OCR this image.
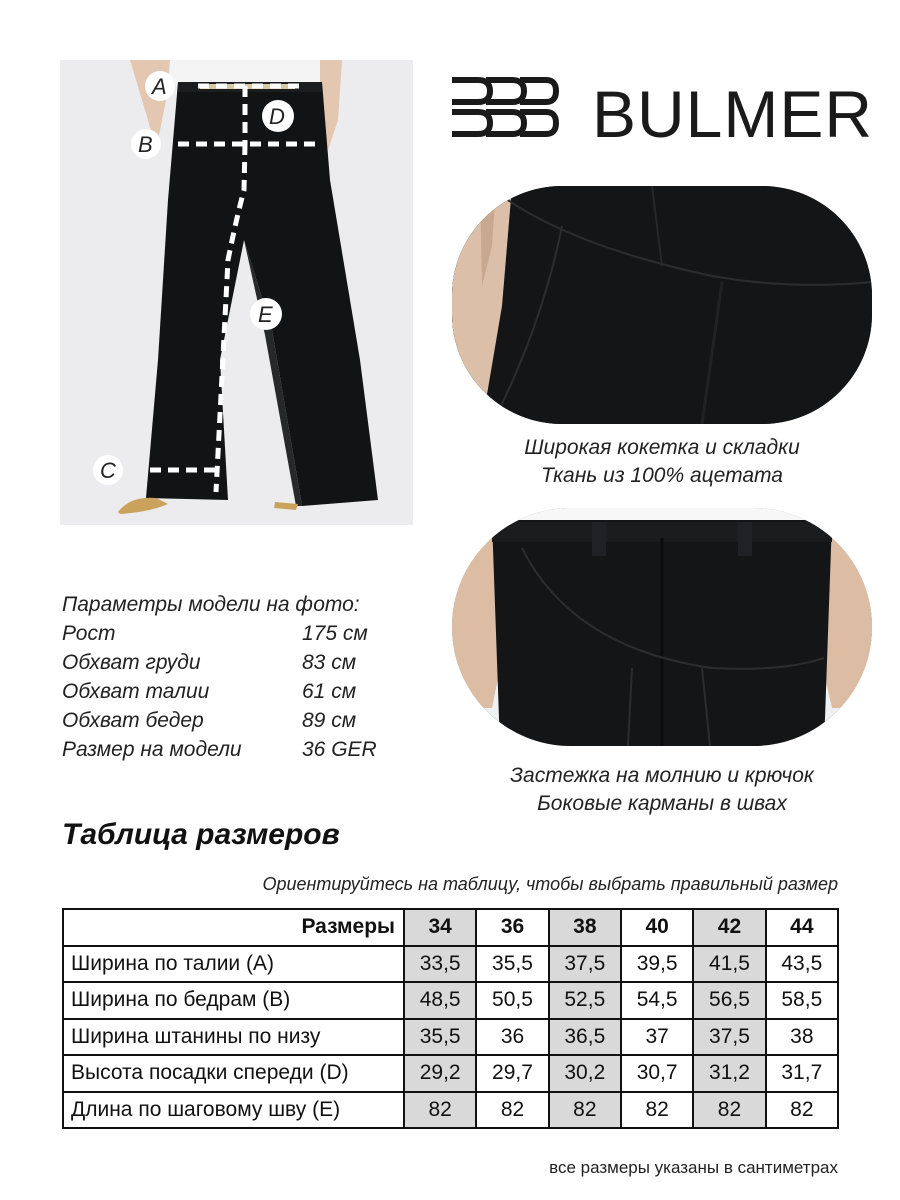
A
B
C
D
E
BULMER
Широкая кокетка и складки
Ткань из 100% ацетата
Застежка на молнию и крючок
Боковые карманы в швах
Параметры модели на фото:
Рост	175 см
Обхват груди	83 см
Обхват талии	61 см
Обхват бедер	89 см
Размер на модели	36 GER
Таблица размеров
Ориентируйтесь на таблицу, чтобы выбрать правильный размер
Размеры	34	36	38	40	42	44
Ширина по талии (A)	33,5	35,5	37,5	39,5	41,5	43,5
Ширина по бедрам (B)	48,5	50,5	52,5	54,5	56,5	58,5
Ширина штанины по низу	35,5	36	36,5	37	37,5	38
Высота посадки спереди (D)	29,2	29,7	30,2	30,7	31,2	31,7
Длина по шаговому шву (E)	82	82	82	82	82	82
все размеры указаны в сантиметрах
